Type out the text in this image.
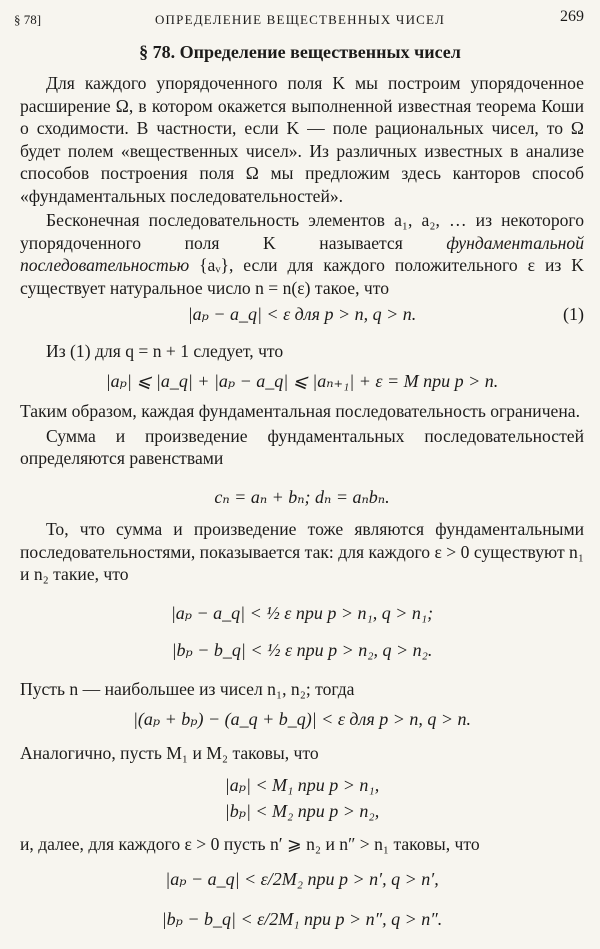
§ 78]	ОПРЕДЕЛЕНИЕ ВЕЩЕСТВЕННЫХ ЧИСЕЛ	269
§ 78. Определение вещественных чисел

Для каждого упорядоченного поля K мы построим упорядоченное расширение Ω, в котором окажется выполненной известная теорема Коши о сходимости. В частности, если K — поле рациональных чисел, то Ω будет полем «вещественных чисел». Из различных известных в анализе способов построения поля Ω мы предложим здесь канторов способ «фундаментальных последовательностей».

Бесконечная последовательность элементов a₁, a₂, … из некоторого упорядоченного поля K называется фундаментальной последовательностью {aᵥ}, если для каждого положительного ε из K существует натуральное число n = n(ε) такое, что

|aₚ − a_q| < ε для p > n, q > n.	(1)

Из (1) для q = n + 1 следует, что

|aₚ| ⩽ |a_q| + |aₚ − a_q| ⩽ |aₙ₊₁| + ε = M при p > n.

Таким образом, каждая фундаментальная последовательность ограничена.

Сумма и произведение фундаментальных последовательностей определяются равенствами

cₙ = aₙ + bₙ; dₙ = aₙbₙ.

То, что сумма и произведение тоже являются фундаментальными последовательностями, показывается так: для каждого ε > 0 существуют n₁ и n₂ такие, что

|aₚ − a_q| < ½ ε при p > n₁, q > n₁;
|bₚ − b_q| < ½ ε при p > n₂, q > n₂.

Пусть n — наибольшее из чисел n₁, n₂; тогда

|(aₚ + bₚ) − (a_q + b_q)| < ε для p > n, q > n.

Аналогично, пусть M₁ и M₂ таковы, что

|aₚ| < M₁ при p > n₁,
|bₚ| < M₂ при p > n₂,

и, далее, для каждого ε > 0 пусть n′ ⩾ n₂ и n″ > n₁ таковы, что

|aₚ − a_q| < ε/2M₂ при p > n′, q > n′,
|bₚ − b_q| < ε/2M₁ при p > n″, q > n″.
